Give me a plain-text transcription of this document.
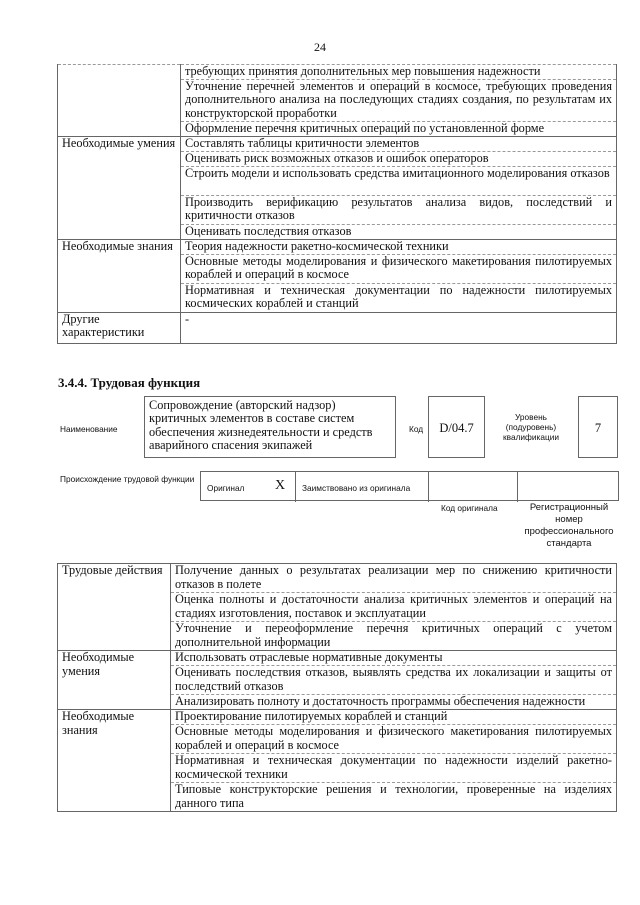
24
	требующих принятия дополнительных мер повышения надежности
	Уточнение перечней элементов и операций в космосе, требующих проведения дополнительного анализа на последующих стадиях создания, по результатам их конструкторской проработки
	Оформление перечня критичных операций по установленной форме
Необходимые умения	Составлять таблицы критичности элементов
	Оценивать риск возможных отказов и ошибок операторов
	Строить модели и использовать средства имитационного моделирования отказов
	Производить верификацию результатов анализа видов, последствий и критичности отказов
	Оценивать последствия отказов
Необходимые знания	Теория надежности ракетно-космической техники
	Основные методы моделирования и физического макетирования пилотируемых кораблей и операций в космосе
	Нормативная и техническая документации по надежности пилотируемых космических кораблей и станций
Другие характеристики	-
3.4.4. Трудовая функция
Наименование
Сопровождение (авторский надзор) критичных элементов в составе систем обеспечения жизнедеятельности и средств аварийного спасения экипажей
Код	D/04.7
Уровень (подуровень) квалификации
7
Происхождение трудовой функции
Оригинал X Заимствовано из оригинала
Код оригинала	Регистрационный номер профессионального стандарта
Трудовые действия	Получение данных о результатах реализации мер по снижению критичности отказов в полете
	Оценка полноты и достаточности анализа критичных элементов и операций на стадиях изготовления, поставок и эксплуатации
	Уточнение и переоформление перечня критичных операций с учетом дополнительной информации
Необходимые умения	Использовать отраслевые нормативные документы
	Оценивать последствия отказов, выявлять средства их локализации и защиты от последствий отказов
	Анализировать полноту и достаточность программы обеспечения надежности
Необходимые знания	Проектирование пилотируемых кораблей и станций
	Основные методы моделирования и физического макетирования пилотируемых кораблей и операций в космосе
	Нормативная и техническая документации по надежности изделий ракетно-космической техники
	Типовые конструкторские решения и технологии, проверенные на изделиях данного типа
